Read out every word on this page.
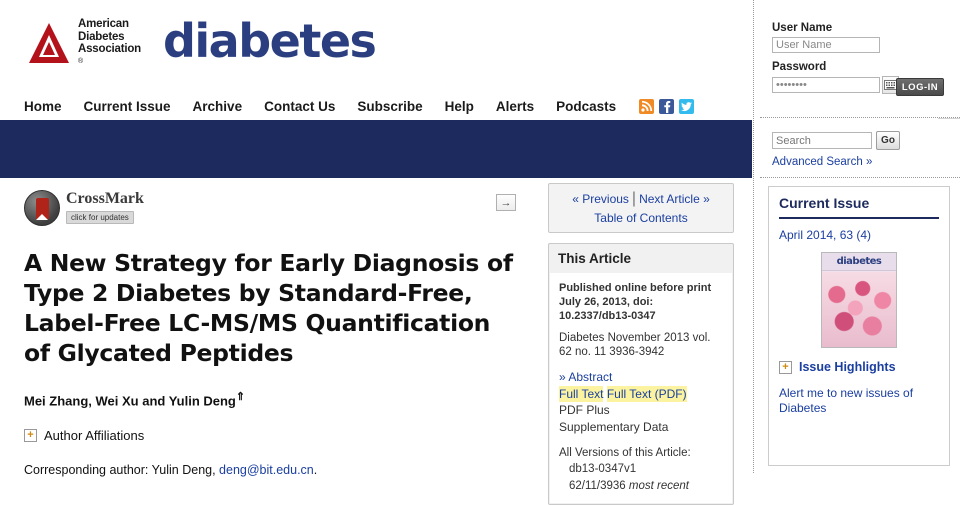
American
Diabetes
Association
®	diabetes
Home	Current Issue	Archive	Contact Us	Subscribe	Help	Alerts	Podcasts
User Name
User Name
Password
••••••••
LOG-IN
Search
Go
Advanced Search »
CrossMark
click for updates
→
A New Strategy for Early Diagnosis of Type 2 Diabetes by Standard-Free, Label-Free LC-MS/MS Quantification of Glycated Peptides
Mei Zhang, Wei Xu and Yulin Deng⇑
+ Author Affiliations
Corresponding author: Yulin Deng, deng@bit.edu.cn.
« Previous | Next Article »
Table of Contents
This Article
Published online before print July 26, 2013, doi: 10.2337/db13-0347
Diabetes November 2013 vol. 62 no. 11 3936-3942
» Abstract
Full Text Full Text (PDF)
PDF Plus
Supplementary Data
All Versions of this Article:
db13-0347v1
62/11/3936 most recent
Current Issue
April 2014, 63 (4)
diabetes
+ Issue Highlights
Alert me to new issues of Diabetes
